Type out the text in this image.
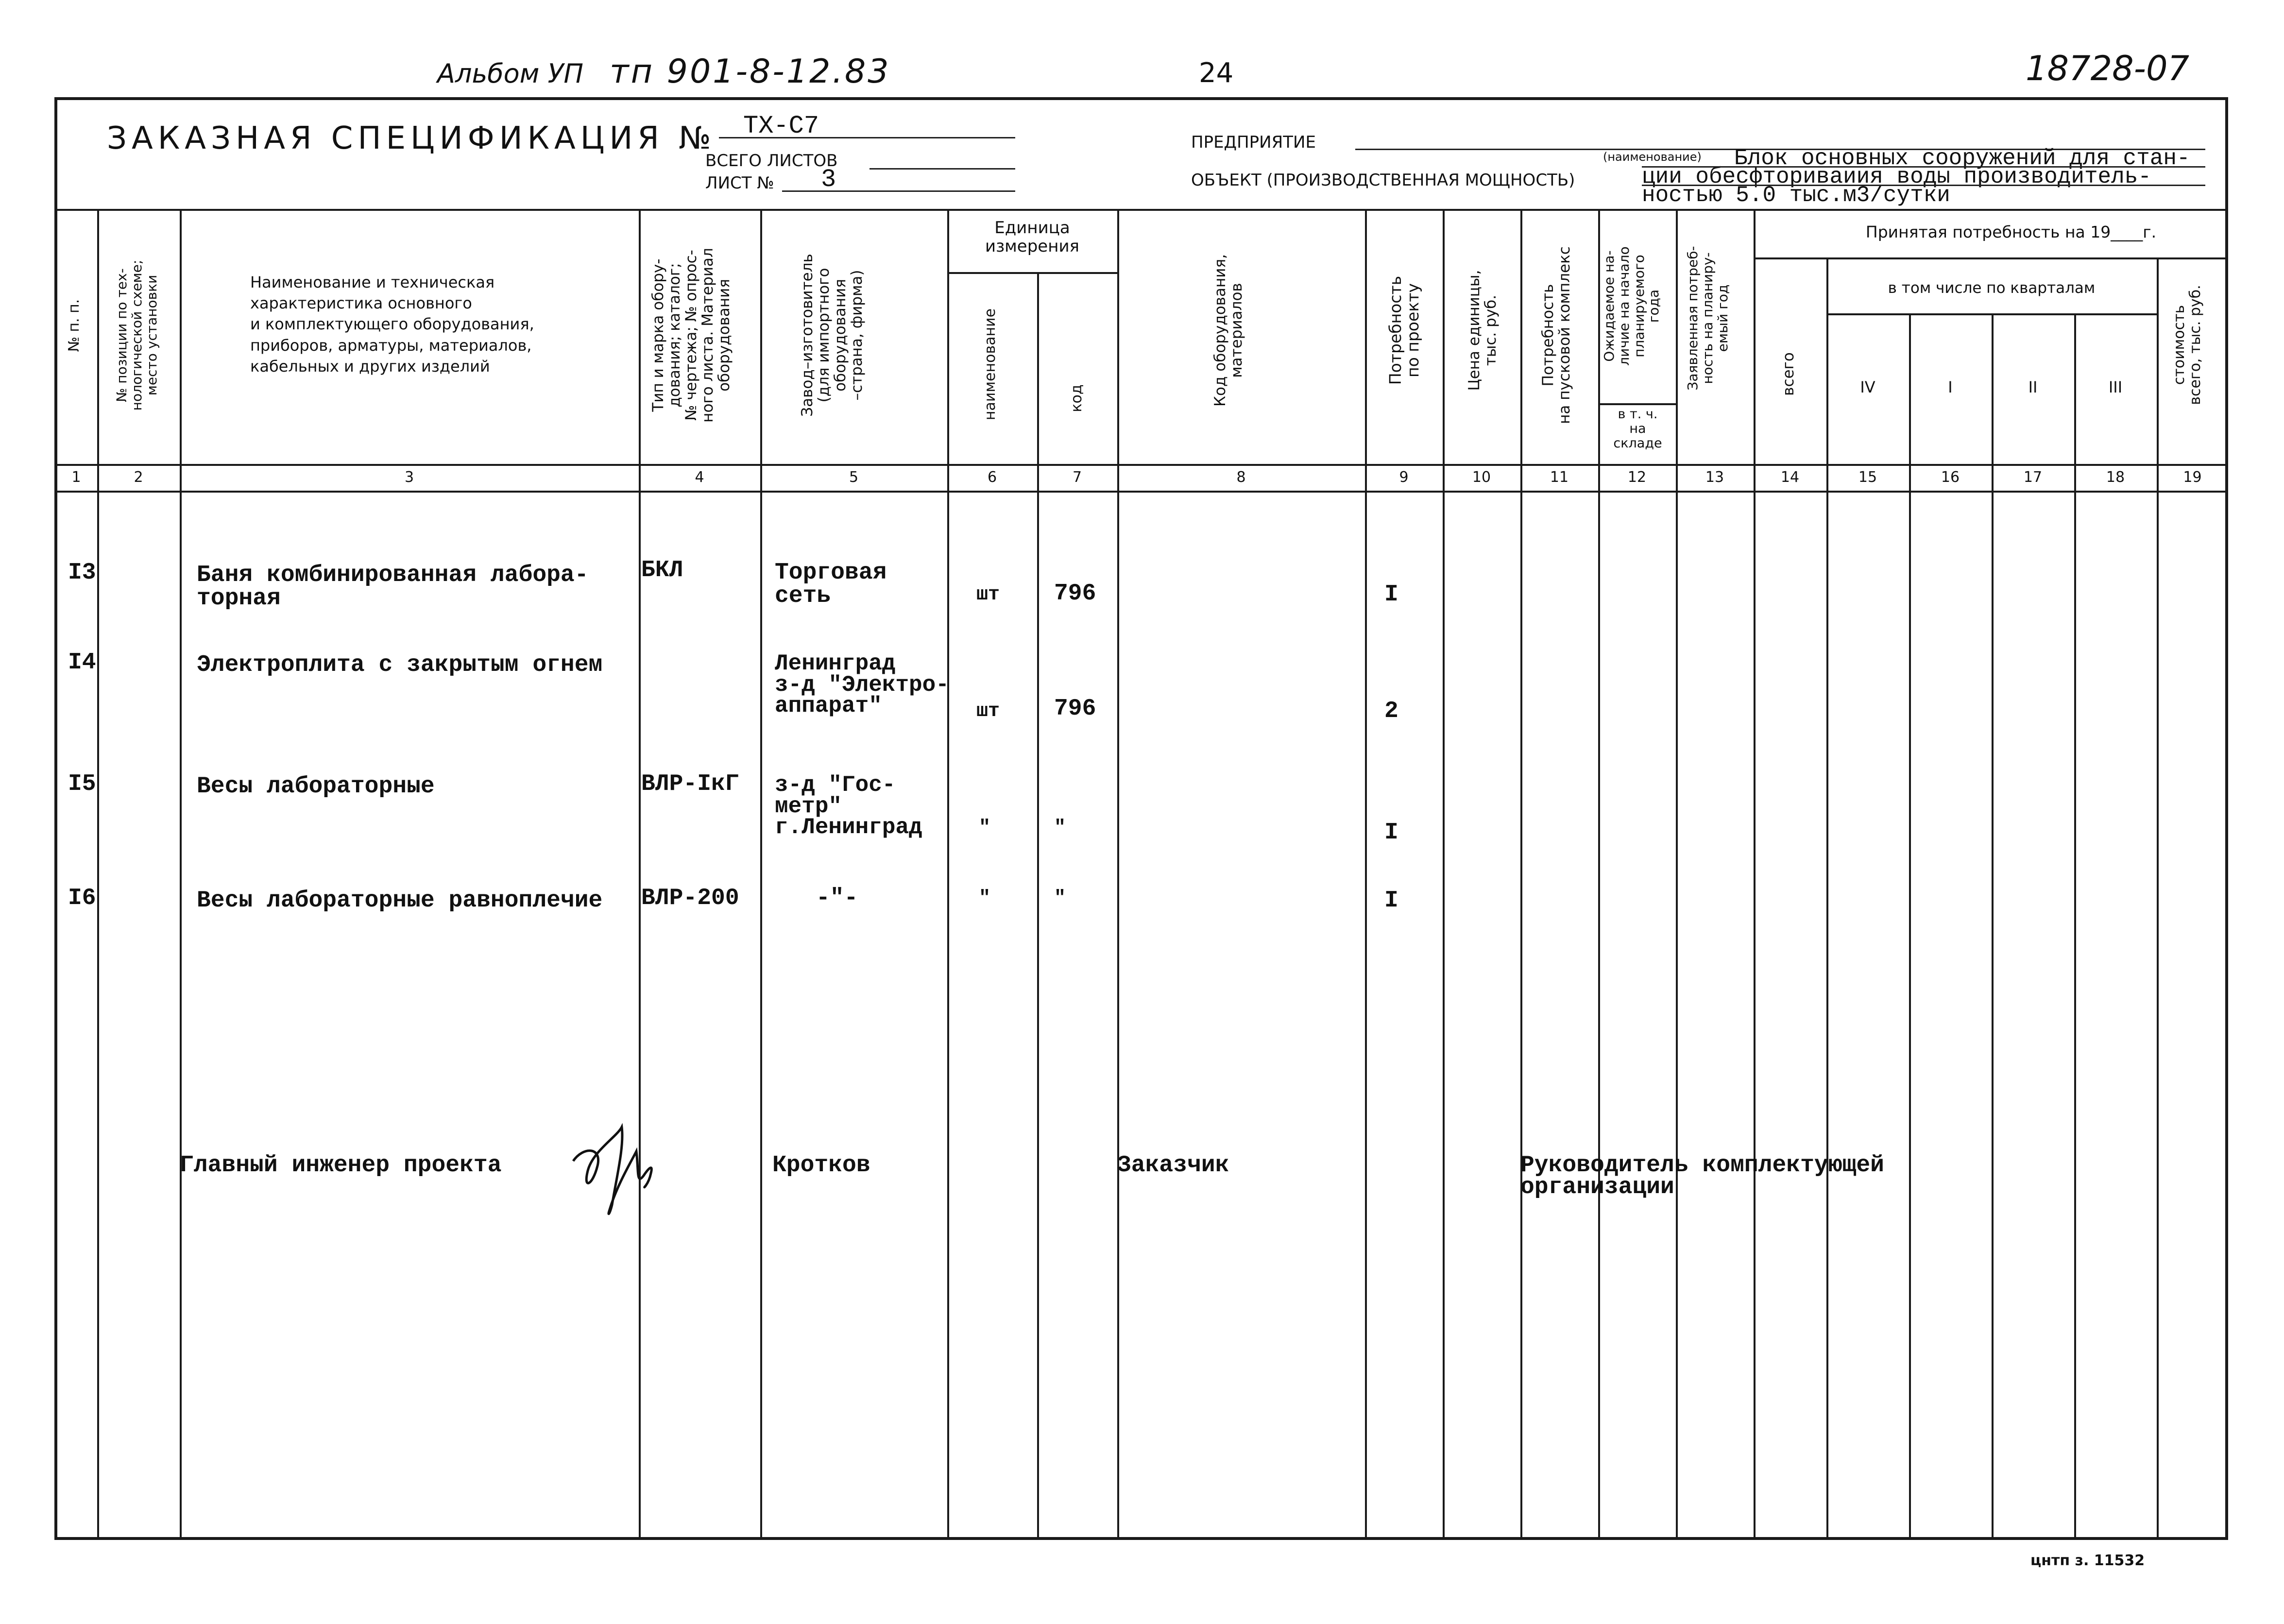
Альбом УП тп 901-8-12.83	24	18728-07
ЗАКАЗНАЯ СПЕЦИФИКАЦИЯ № ТХ-С7
ВСЕГО ЛИСТОВ
ЛИСТ № 3
ПРЕДПРИЯТИЕ
(наименование)
ОБЪЕКТ (ПРОИЗВОДСТВЕННАЯ МОЩНОСТЬ)
Блок основных сооружений для стан-
ции обесфториваиия воды производитель-
ностью 5.0 тыс.м3/сутки
№ п. п.
№ позиции по тех-
нологической схеме;
место установки	Наименование и техническая
характеристика основного
и комплектующего оборудования,
приборов, арматуры, материалов,
кабельных и других изделий
Тип и марка обору-
дования; каталог;
№ чертежа; № опрос-
ного листа. Материал
оборудования	Завод–изготовитель
(для импортного
оборудования
–страна, фирма)
Единица
измерения
наименование	код	Код оборудования,
материалов	Потребность
по проекту
Цена единицы,
тыс. руб.	Потребность
на пусковой комплекс Ожидаемое на-
личие на начало
планируемого
года
в т. ч.
на
складе
Заявленная потреб-
ность на планиру-
емый год
Принятая потребность на 19____г.
всего
в том числе по кварталам
I	II	III
IV
стоимость
всего, тыс. руб.
1	2	3	4	5	6	7	8	9	10	11	12	13	14	15	16	17	18	19
I3	Баня комбинированная лабора-
торная
БКЛ	Торговая
сеть	шт 796	I
I4	Электроплита с закрытым огнем	Ленинград
з-д "Электро-
аппарат"	шт 796	2
I5	Весы лабораторные	ВЛР-IкГ з-д "Гос-
метр"
г.Ленинград	"	"	I
I6	Весы лабораторные равноплечие ВЛР-200	-"-	"	"	I
Главный инженер проекта	Кротков	Заказчик	Руководитель комплектующей
организации
цнтп з. 11532
